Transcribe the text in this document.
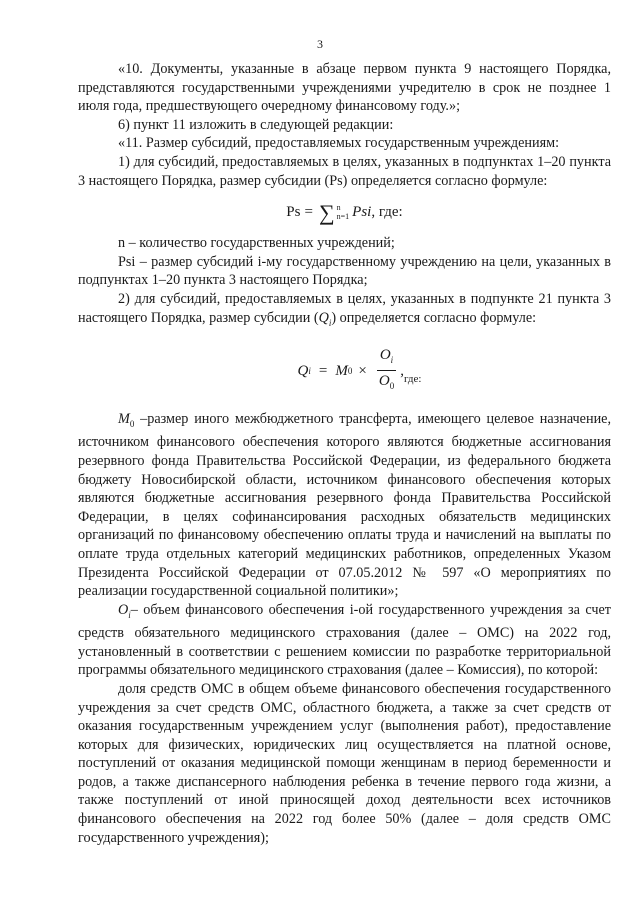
3

«10. Документы, указанные в абзаце первом пункта 9 настоящего Порядка, представляются государственными учреждениями учредителю в срок не позднее 1 июля года, предшествующего очередному финансовому году.»;

6) пункт 11 изложить в следующей редакции:

«11. Размер субсидий, предоставляемых государственным учреждениям:

1) для субсидий, предоставляемых в целях, указанных в подпунктах 1–20 пункта 3 настоящего Порядка, размер субсидии (Ps) определяется согласно формуле:

Ps = ∑ n
n=1 Psi , где:

n – количество государственных учреждений;

Psi – размер субсидий i-му государственному учреждению на цели, указанных в подпунктах 1–20 пункта 3 настоящего Порядка;

2) для субсидий, предоставляемых в целях, указанных в подпункте 21 пункта 3 настоящего Порядка, размер субсидии $(Q_i)$ определяется согласно формуле:

Q i = M $0 \times \frac{O_i}{O_0}$ , где:

$M_0$ –размер иного межбюджетного трансферта, имеющего целевое назначение, источником финансового обеспечения которого являются бюджетные ассигнования резервного фонда Правительства Российской Федерации, из федерального бюджета бюджету Новосибирской области, источником финансового обеспечения которых являются бюджетные ассигнования резервного фонда Правительства Российской Федерации, в целях софинансирования расходных обязательств медицинских организаций по финансовому обеспечению оплаты труда и начислений на выплаты по оплате труда отдельных категорий медицинских работников, определенных Указом Президента Российской Федерации от 07.05.2012 № 597 «О мероприятиях по реализации государственной социальной политики»;

$O_i-$ объем финансового обеспечения i-ой государственного учреждения за счет средств обязательного медицинского страхования (далее – ОМС) на 2022 год, установленный в соответствии с решением комиссии по разработке территориальной программы обязательного медицинского страхования (далее – Комиссия), по которой:

доля средств ОМС в общем объеме финансового обеспечения государственного учреждения за счет средств ОМС, областного бюджета, а также за счет средств от оказания государственным учреждением услуг (выполнения работ), предоставление которых для физических, юридических лиц осуществляется на платной основе, поступлений от оказания медицинской помощи женщинам в период беременности и родов, а также диспансерного наблюдения ребенка в течение первого года жизни, а также поступлений от иной приносящей доход деятельности всех источников финансового обеспечения на 2022 год более 50% (далее – доля средств ОМС государственного учреждения);
